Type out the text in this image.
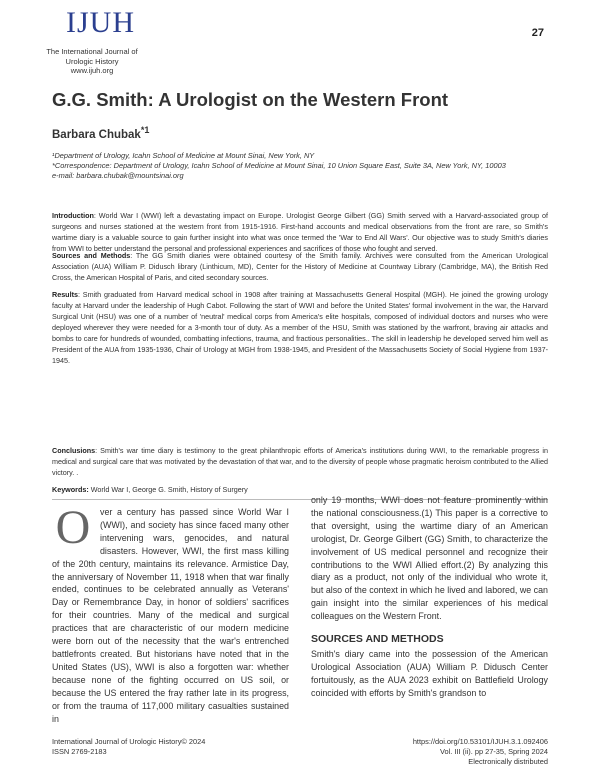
IJUH
The International Journal of
Urologic History
www.ijuh.org
27
G.G. Smith: A Urologist on the Western Front
Barbara Chubak$^{*1}$
¹Department of Urology, Icahn School of Medicine at Mount Sinai, New York, NY
*Correspondence: Department of Urology, Icahn School of Medicine at Mount Sinai, 10 Union Square East, Suite 3A, New York, NY, 10003
e-mail: barbara.chubak@mountsinai.org
Introduction: World War I (WWI) left a devastating impact on Europe. Urologist George Gilbert (GG) Smith served with a Harvard-associated group of surgeons and nurses stationed at the western front from 1915-1916. First-hand accounts and medical observations from the front are rare, so Smith's wartime diary is a valuable source to gain further insight into what was once termed the 'War to End All Wars'. Our objective was to study Smith's diaries from WWI to better understand the personal and professional experiences and sacrifices of those who fought and served.
Sources and Methods: The GG Smith diaries were obtained courtesy of the Smith family. Archives were consulted from the American Urological Association (AUA) William P. Didusch library (Linthicum, MD), Center for the History of Medicine at Countway Library (Cambridge, MA), the British Red Cross, the American Hospital of Paris, and cited secondary sources.
Results: Smith graduated from Harvard medical school in 1908 after training at Massachusetts General Hospital (MGH). He joined the growing urology faculty at Harvard under the leadership of Hugh Cabot. Following the start of WWI and before the United States' formal involvement in the war, the Harvard Surgical Unit (HSU) was one of a number of 'neutral' medical corps from America's elite hospitals, composed of individual doctors and nurses who were deployed wherever they were needed for a 3-month tour of duty. As a member of the HSU, Smith was stationed by the warfront, braving air attacks and bombs to care for hundreds of wounded, combatting infections, trauma, and fractious personalities.. The skill in leadership he developed served him well as President of the AUA from 1935-1936, Chair of Urology at MGH from 1938-1945, and President of the Massachusetts Society of Social Hygiene from 1937-1945.
Conclusions: Smith's war time diary is testimony to the great philanthropic efforts of America's institutions during WWI, to the remarkable progress in medical and surgical care that was motivated by the devastation of that war, and to the diversity of people whose pragmatic heroism contributed to the Allied victory. .
Keywords: World War I, George G. Smith, History of Surgery
O	ver a century has passed since World War I (WWI), and society has since faced many other intervening wars, genocides, and natural disasters. However, WWI, the first mass killing of the 20th century, maintains its relevance. Armistice Day, the anniversary of November 11, 1918 when that war finally ended, continues to be celebrated annually as Veterans' Day or Remembrance Day, in honor of soldiers' sacrifices for their countries. Many of the medical and surgical practices that are characteristic of our modern medicine were born out of the necessity that the war's entrenched battlefronts created. But historians have noted that in the United States (US), WWI is also a forgotten war: whether because none of the fighting occurred on US soil, or because the US entered the fray rather late in its progress, or from the trauma of 117,000 military casualties sustained in
only 19 months, WWI does not feature prominently within the national consciousness.(1) This paper is a corrective to that oversight, using the wartime diary of an American urologist, Dr. George Gilbert (GG) Smith, to characterize the involvement of US medical personnel and recognize their contributions to the WWI Allied effort.(2) By analyzing this diary as a product, not only of the individual who wrote it, but also of the context in which he lived and labored, we can gain insight into the similar experiences of his medical colleagues on the Western Front.
SOURCES AND METHODS
Smith's diary came into the possession of the American Urological Association (AUA) William P. Didusch Center fortuitously, as the AUA 2023 exhibit on Battlefield Urology coincided with efforts by Smith's grandson to
International Journal of Urologic History© 2024
ISSN 2769-2183
https://doi.org/10.53101/IJUH.3.1.092406
Vol. III (ii). pp 27-35, Spring 2024
Electronically distributed
